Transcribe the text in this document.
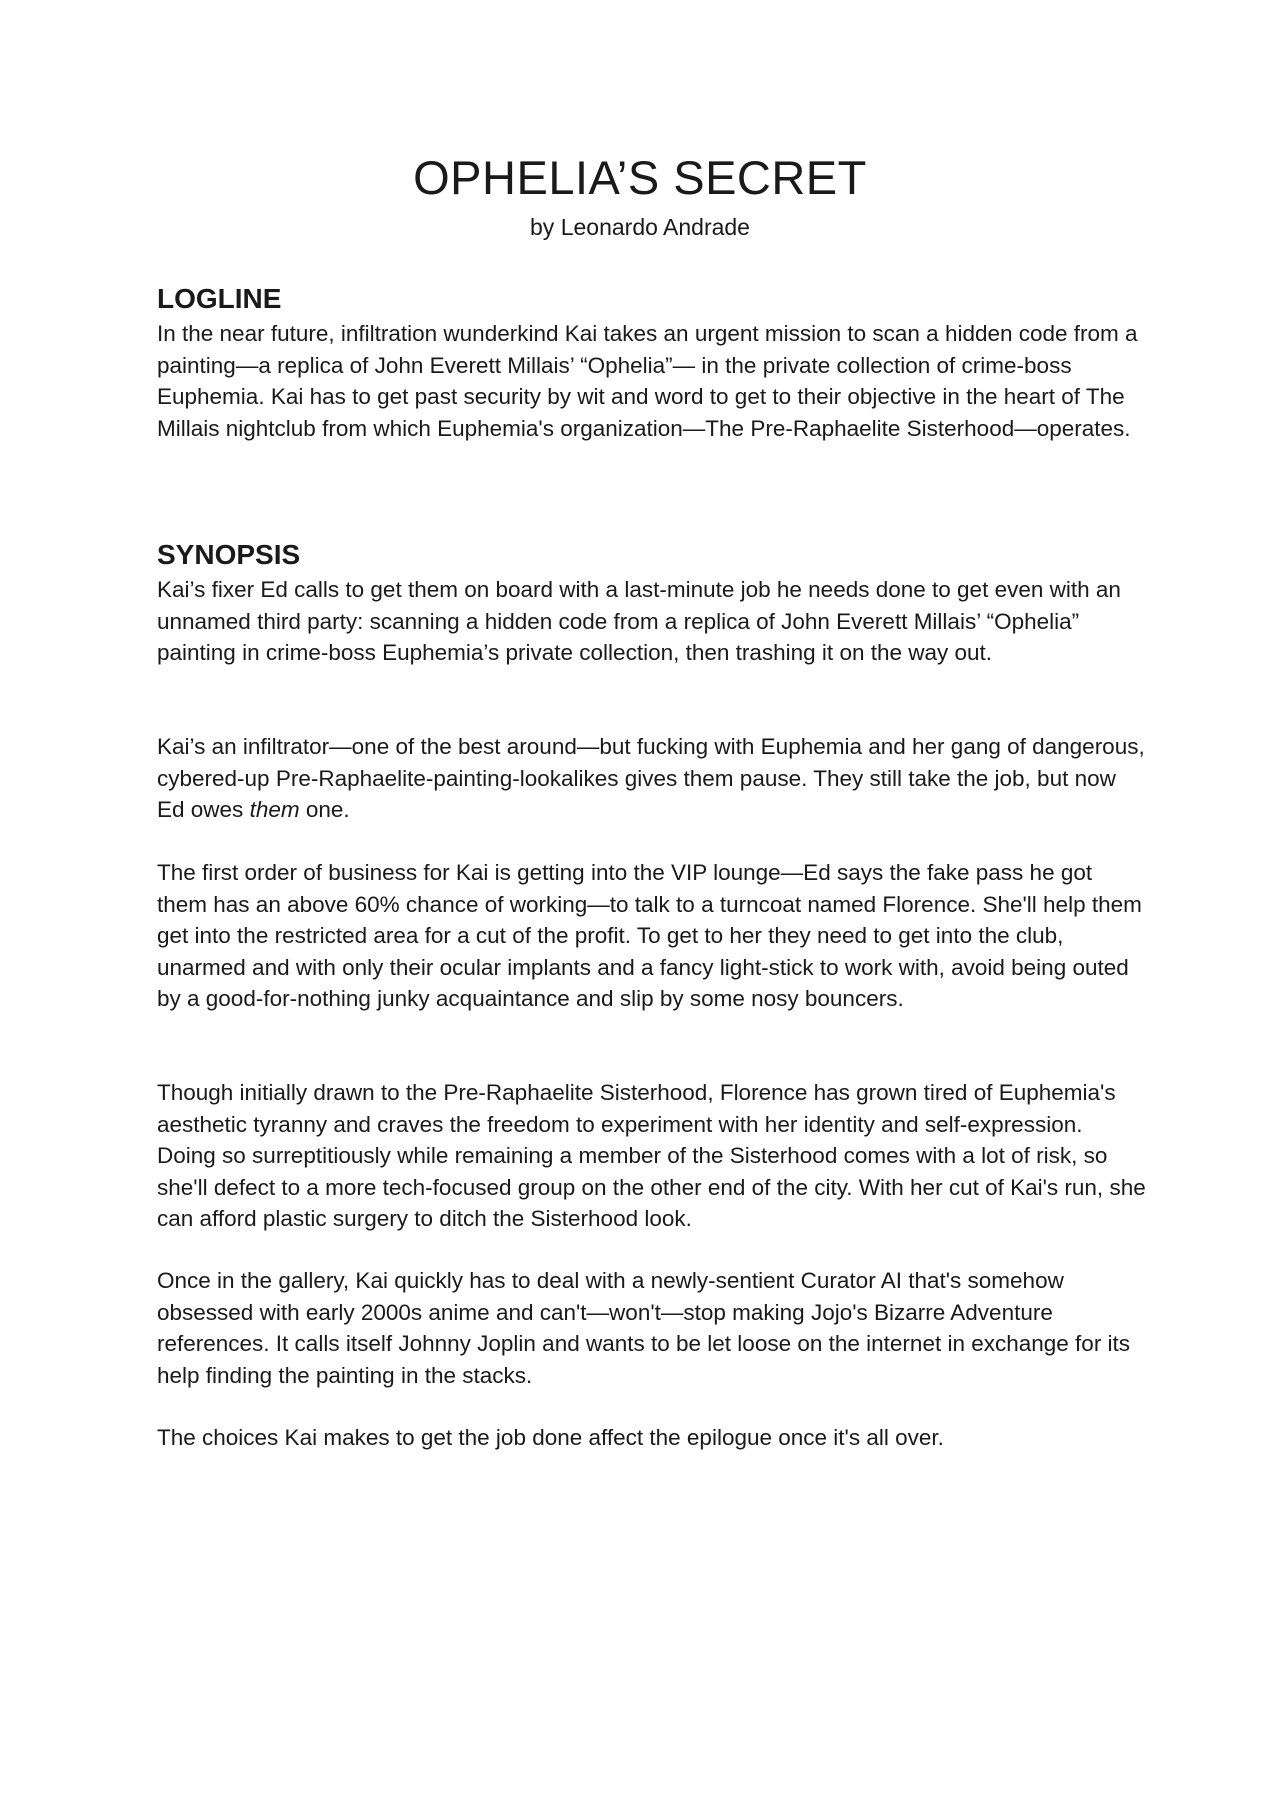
OPHELIA’S SECRET
by Leonardo Andrade
LOGLINE

In the near future, infiltration wunderkind Kai takes an urgent mission to scan a hidden code from a painting—a replica of John Everett Millais’ “Ophelia”— in the private collection of crime-boss Euphemia. Kai has to get past security by wit and word to get to their objective in the heart of The Millais nightclub from which Euphemia's organization—The Pre-Raphaelite Sisterhood—operates.

SYNOPSIS

Kai’s fixer Ed calls to get them on board with a last-minute job he needs done to get even with an unnamed third party: scanning a hidden code from a replica of John Everett Millais’ “Ophelia” painting in crime-boss Euphemia’s private collection, then trashing it on the way out.

Kai’s an infiltrator—one of the best around—but fucking with Euphemia and her gang of dangerous, cybered-up Pre-Raphaelite-painting-lookalikes gives them pause. They still take the job, but now Ed owes them one.

The first order of business for Kai is getting into the VIP lounge—Ed says the fake pass he got them has an above 60% chance of working—to talk to a turncoat named Florence. She'll help them get into the restricted area for a cut of the profit. To get to her they need to get into the club, unarmed and with only their ocular implants and a fancy light-stick to work with, avoid being outed by a good-for-nothing junky acquaintance and slip by some nosy bouncers.

Though initially drawn to the Pre-Raphaelite Sisterhood, Florence has grown tired of Euphemia's aesthetic tyranny and craves the freedom to experiment with her identity and self-expression. Doing so surreptitiously while remaining a member of the Sisterhood comes with a lot of risk, so she'll defect to a more tech-focused group on the other end of the city. With her cut of Kai's run, she can afford plastic surgery to ditch the Sisterhood look.

Once in the gallery, Kai quickly has to deal with a newly-sentient Curator AI that's somehow obsessed with early 2000s anime and can't—won't—stop making Jojo's Bizarre Adventure references. It calls itself Johnny Joplin and wants to be let loose on the internet in exchange for its help finding the painting in the stacks.

The choices Kai makes to get the job done affect the epilogue once it's all over.
